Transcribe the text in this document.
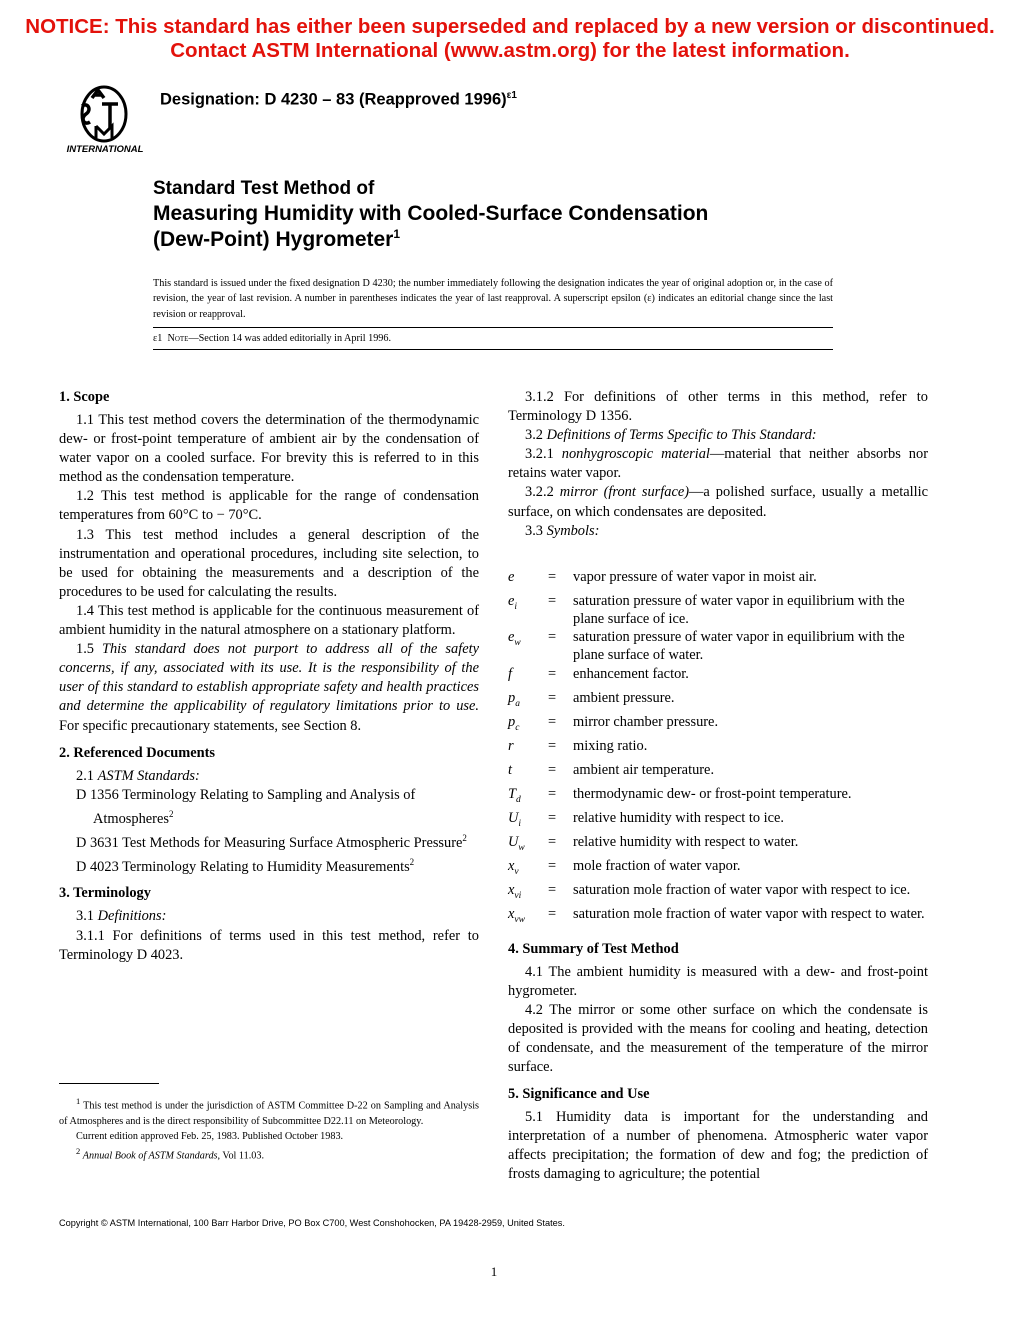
NOTICE: This standard has either been superseded and replaced by a new version or discontinued.
Contact ASTM International (www.astm.org) for the latest information.
INTERNATIONAL
Designation: D 4230 – 83 (Reapproved 1996)$^{\varepsilon 1}$
Standard Test Method of
Measuring Humidity with Cooled-Surface Condensation
(Dew-Point) Hygrometer$^1$
This standard is issued under the fixed designation D 4230; the number immediately following the designation indicates the year of original adoption or, in the case of revision, the year of last revision. A number in parentheses indicates the year of last reapproval. A superscript epsilon (ε) indicates an editorial change since the last revision or reapproval.
ε1 Note—Section 14 was added editorially in April 1996.
1. Scope

1.1 This test method covers the determination of the thermodynamic dew- or frost-point temperature of ambient air by the condensation of water vapor on a cooled surface. For brevity this is referred to in this method as the condensation temperature.

1.2 This test method is applicable for the range of condensation temperatures from 60°C to − 70°C.

1.3 This test method includes a general description of the instrumentation and operational procedures, including site selection, to be used for obtaining the measurements and a description of the procedures to be used for calculating the results.

1.4 This test method is applicable for the continuous measurement of ambient humidity in the natural atmosphere on a stationary platform.

1.5 This standard does not purport to address all of the safety concerns, if any, associated with its use. It is the responsibility of the user of this standard to establish appropriate safety and health practices and determine the applicability of regulatory limitations prior to use. For specific precautionary statements, see Section 8.

2. Referenced Documents

2.1 ASTM Standards:

D 1356 Terminology Relating to Sampling and Analysis of Atmospheres$^2$

D 3631 Test Methods for Measuring Surface Atmospheric Pressure$^2$

D 4023 Terminology Relating to Humidity Measurements$^2$

3. Terminology

3.1 Definitions:

3.1.1 For definitions of terms used in this test method, refer to Terminology D 4023.

$^1$ This test method is under the jurisdiction of ASTM Committee D-22 on Sampling and Analysis of Atmospheres and is the direct responsibility of Subcommittee D22.11 on Meteorology.

Current edition approved Feb. 25, 1983. Published October 1983.

$^2$ Annual Book of ASTM Standards, Vol 11.03.

3.1.2 For definitions of other terms in this method, refer to Terminology D 1356.

3.2 Definitions of Terms Specific to This Standard:

3.2.1 nonhygroscopic material—material that neither absorbs nor retains water vapor.

3.2.2 mirror (front surface)—a polished surface, usually a metallic surface, on which condensates are deposited.

3.3 Symbols:

e	=	vapor pressure of water vapor in moist air.
$e_i$	=	saturation pressure of water vapor in equilibrium with the plane surface of ice.
$e_w$	=	saturation pressure of water vapor in equilibrium with the plane surface of water.
f	=	enhancement factor.
$p_a$	=	ambient pressure.
$p_c$	=	mirror chamber pressure.
r	=	mixing ratio.
t	=	ambient air temperature.
$T_d$	=	thermodynamic dew- or frost-point temperature.
$U_i$	=	relative humidity with respect to ice.
$U_w$	=	relative humidity with respect to water.
$x_v$	=	mole fraction of water vapor.
$x_{vi}$	=	saturation mole fraction of water vapor with respect to ice.
$x_{vw}$	=	saturation mole fraction of water vapor with respect to water.
4. Summary of Test Method

4.1 The ambient humidity is measured with a dew- and frost-point hygrometer.

4.2 The mirror or some other surface on which the condensate is deposited is provided with the means for cooling and heating, detection of condensate, and the measurement of the temperature of the mirror surface.

5. Significance and Use

5.1 Humidity data is important for the understanding and interpretation of a number of phenomena. Atmospheric water vapor affects precipitation; the formation of dew and fog; the prediction of frosts damaging to agriculture; the potential

Copyright © ASTM International, 100 Barr Harbor Drive, PO Box C700, West Conshohocken, PA 19428-2959, United States.
1
